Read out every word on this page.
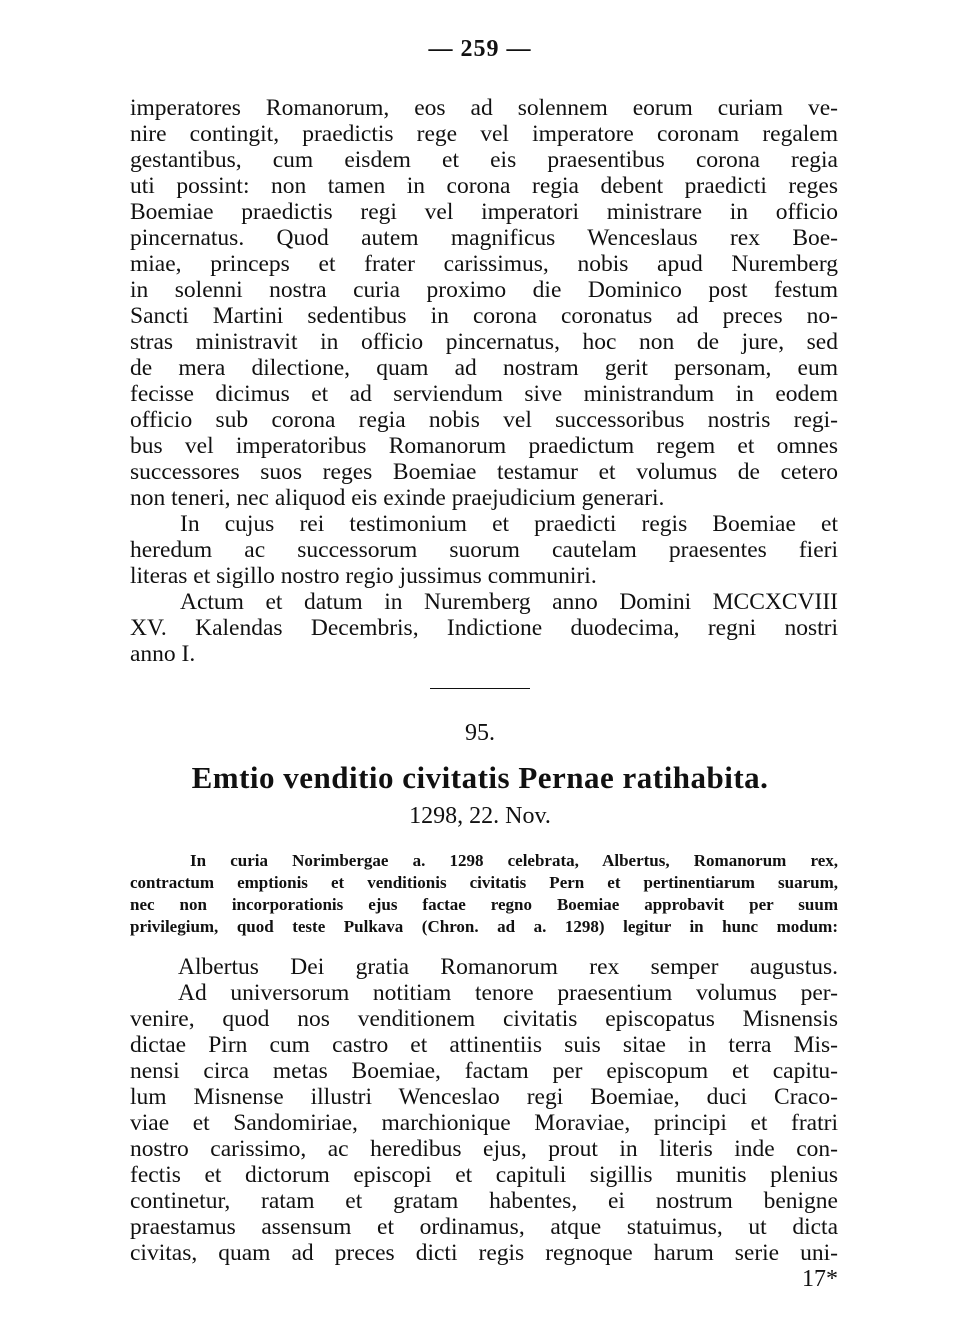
— 259 —
imperatores Romanorum, eos ad solennem eorum curiam ve-
nire contingit, praedictis rege vel imperatore coronam regalem
gestantibus, cum eisdem et eis praesentibus corona regia
uti possint: non tamen in corona regia debent praedicti reges
Boemiae praedictis regi vel imperatori ministrare in officio
pincernatus. Quod autem magnificus Wenceslaus rex Boe-
miae, princeps et frater carissimus, nobis apud Nuremberg
in solenni nostra curia proximo die Dominico post festum
Sancti Martini sedentibus in corona coronatus ad preces no-
stras ministravit in officio pincernatus, hoc non de jure, sed
de mera dilectione, quam ad nostram gerit personam, eum
fecisse dicimus et ad serviendum sive ministrandum in eodem
officio sub corona regia nobis vel successoribus nostris regi-
bus vel imperatoribus Romanorum praedictum regem et omnes
successores suos reges Boemiae testamur et volumus de cetero
non teneri, nec aliquod eis exinde praejudicium generari.
In cujus rei testimonium et praedicti regis Boemiae et
heredum ac successorum suorum cautelam praesentes fieri
literas et sigillo nostro regio jussimus communiri.
Actum et datum in Nuremberg anno Domini MCCXCVIII
XV. Kalendas Decembris, Indictione duodecima, regni nostri
anno I.
95.
Emtio venditio civitatis Pernae ratihabita.
1298, 22. Nov.
In curia Norimbergae a. 1298 celebrata, Albertus, Romanorum rex,
contractum emptionis et venditionis civitatis Pern et pertinentiarum suarum,
nec non incorporationis ejus factae regno Boemiae approbavit per suum
privilegium, quod teste Pulkava (Chron. ad a. 1298) legitur in hunc modum:
Albertus Dei gratia Romanorum rex semper augustus.
Ad universorum notitiam tenore praesentium volumus per-
venire, quod nos venditionem civitatis episcopatus Misnensis
dictae Pirn cum castro et attinentiis suis sitae in terra Mis-
nensi circa metas Boemiae, factam per episcopum et capitu-
lum Misnense illustri Wenceslao regi Boemiae, duci Craco-
viae et Sandomiriae, marchionique Moraviae, principi et fratri
nostro carissimo, ac heredibus ejus, prout in literis inde con-
fectis et dictorum episcopi et capituli sigillis munitis plenius
continetur, ratam et gratam habentes, ei nostrum benigne
praestamus assensum et ordinamus, atque statuimus, ut dicta
civitas, quam ad preces dicti regis regnoque harum serie uni-
17*
